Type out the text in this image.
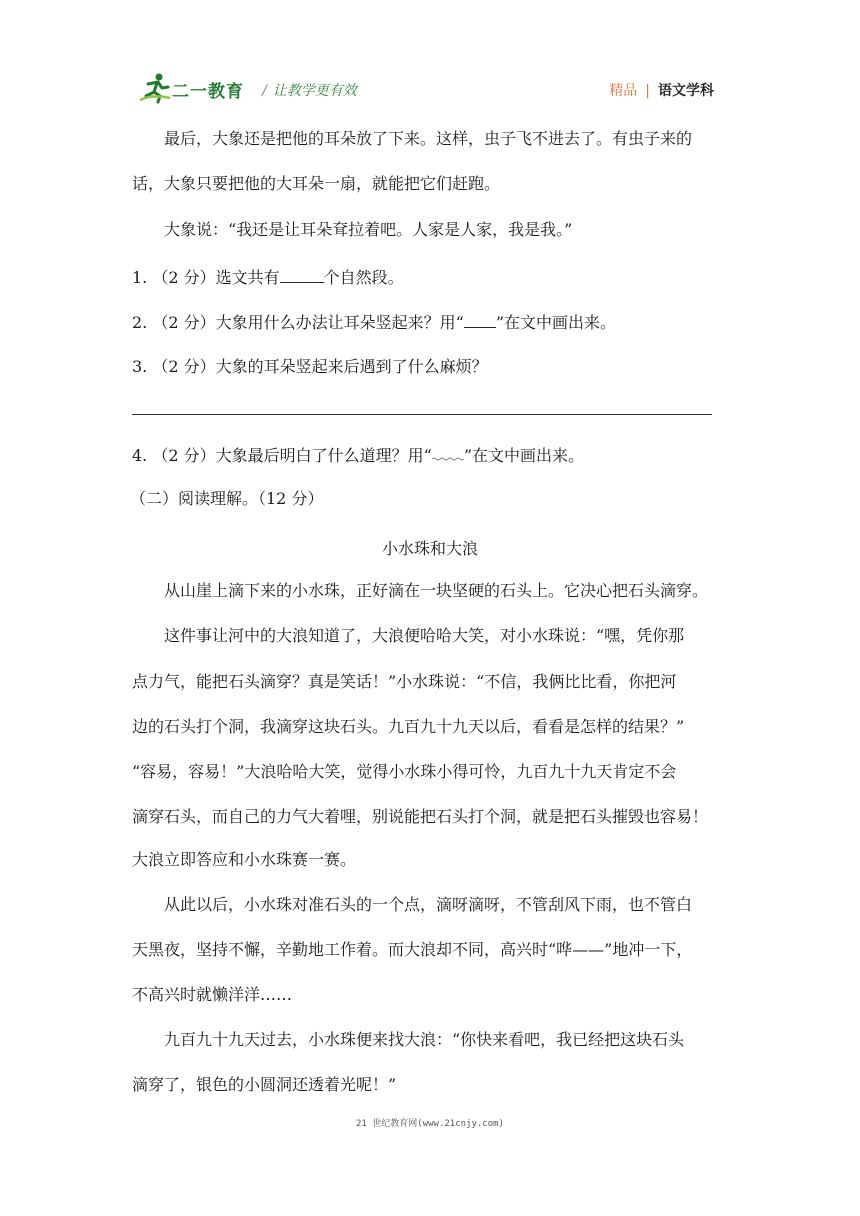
二一教育 / 让教学更有效	精品 | 语文学科
最后，大象还是把他的耳朵放了下来。这样，虫子飞不进去了。有虫子来的
话，大象只要把他的大耳朵一扇，就能把它们赶跑。
大象说：“我还是让耳朵耷拉着吧。人家是人家，我是我。”
1. （2 分）选文共有	个自然段。
2. （2 分）大象用什么办法让耳朵竖起来？用“ ”在文中画出来。
3. （2 分）大象的耳朵竖起来后遇到了什么麻烦？
4. （2 分）大象最后明白了什么道理？用“ ”在文中画出来。
（二）阅读理解。（12 分）
小水珠和大浪
从山崖上滴下来的小水珠，正好滴在一块坚硬的石头上。它决心把石头滴穿。
这件事让河中的大浪知道了，大浪便哈哈大笑，对小水珠说：“嘿，凭你那
点力气，能把石头滴穿？真是笑话！”小水珠说：“不信，我俩比比看，你把河
边的石头打个洞，我滴穿这块石头。九百九十九天以后，看看是怎样的结果？”
“容易，容易！”大浪哈哈大笑，觉得小水珠小得可怜，九百九十九天肯定不会
滴穿石头，而自己的力气大着哩，别说能把石头打个洞，就是把石头摧毁也容易！
大浪立即答应和小水珠赛一赛。
从此以后，小水珠对准石头的一个点，滴呀滴呀，不管刮风下雨，也不管白
天黑夜，坚持不懈，辛勤地工作着。而大浪却不同，高兴时“哗——”地冲一下，
不高兴时就懒洋洋……
九百九十九天过去，小水珠便来找大浪：“你快来看吧，我已经把这块石头
滴穿了，银色的小圆洞还透着光呢！”
21 世纪教育网(www.21cnjy.com)
